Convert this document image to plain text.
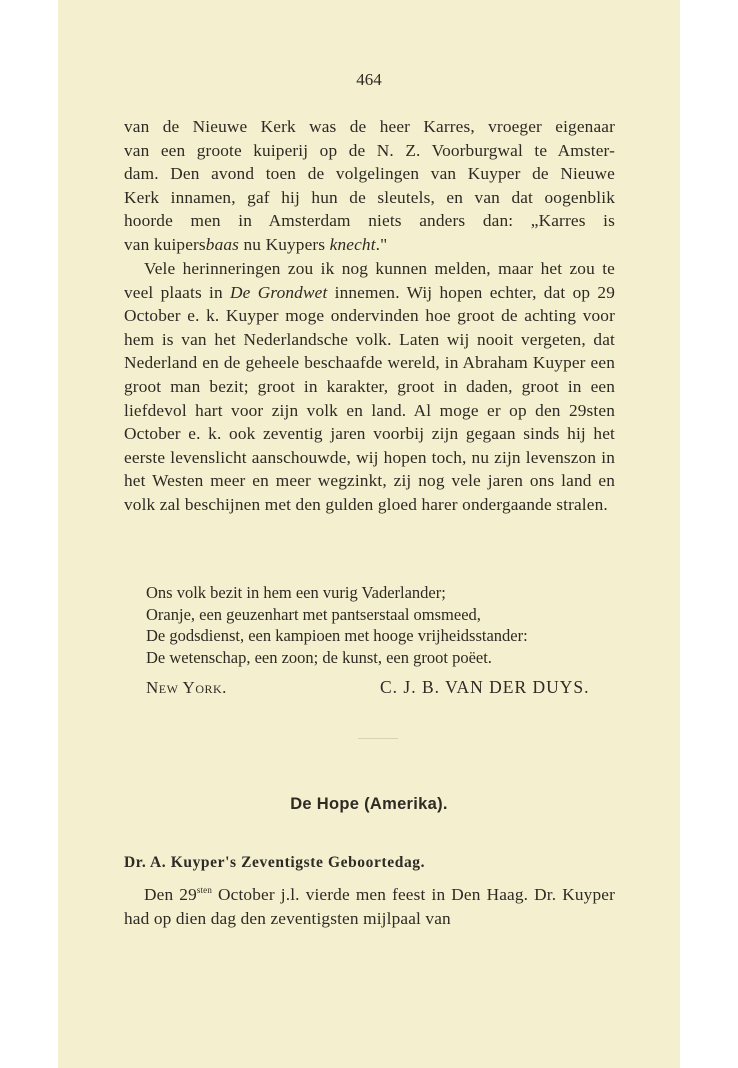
464
van de Nieuwe Kerk was de heer Karres, vroeger eigenaar
van een groote kuiperij op de N. Z. Voorburgwal te Amster-
dam. Den avond toen de volgelingen van Kuyper de Nieuwe
Kerk innamen, gaf hij hun de sleutels, en van dat oogenblik
hoorde men in Amsterdam niets anders dan: „Karres is
van kuipersbaas nu Kuypers knecht."

Vele herinneringen zou ik nog kunnen melden, maar het zou te veel plaats in De Grondwet innemen. Wij hopen echter, dat op 29 October e. k. Kuyper moge ondervinden hoe groot de achting voor hem is van het Nederlandsche volk. Laten wij nooit vergeten, dat Nederland en de geheele beschaafde wereld, in Abraham Kuyper een groot man bezit; groot in karakter, groot in daden, groot in een liefdevol hart voor zijn volk en land. Al moge er op den 29sten October e. k. ook zeventig jaren voorbij zijn gegaan sinds hij het eerste levenslicht aanschouwde, wij hopen toch, nu zijn levenszon in het Westen meer en meer wegzinkt, zij nog vele jaren ons land en volk zal beschijnen met den gulden gloed harer ondergaande stralen.

Ons volk bezit in hem een vurig Vaderlander;
Oranje, een geuzenhart met pantserstaal omsmeed,
De godsdienst, een kampioen met hooge vrijheidsstander:
De wetenschap, een zoon; de kunst, een groot poëet.
New York.	C. J. B. VAN DER DUYS.
De Hope (Amerika).
Dr. A. Kuyper's Zeventigste Geboortedag.

Den $29^{sten}$ October j.l. vierde men feest in Den Haag. Dr. Kuyper had op dien dag den zeventigsten mijlpaal van
